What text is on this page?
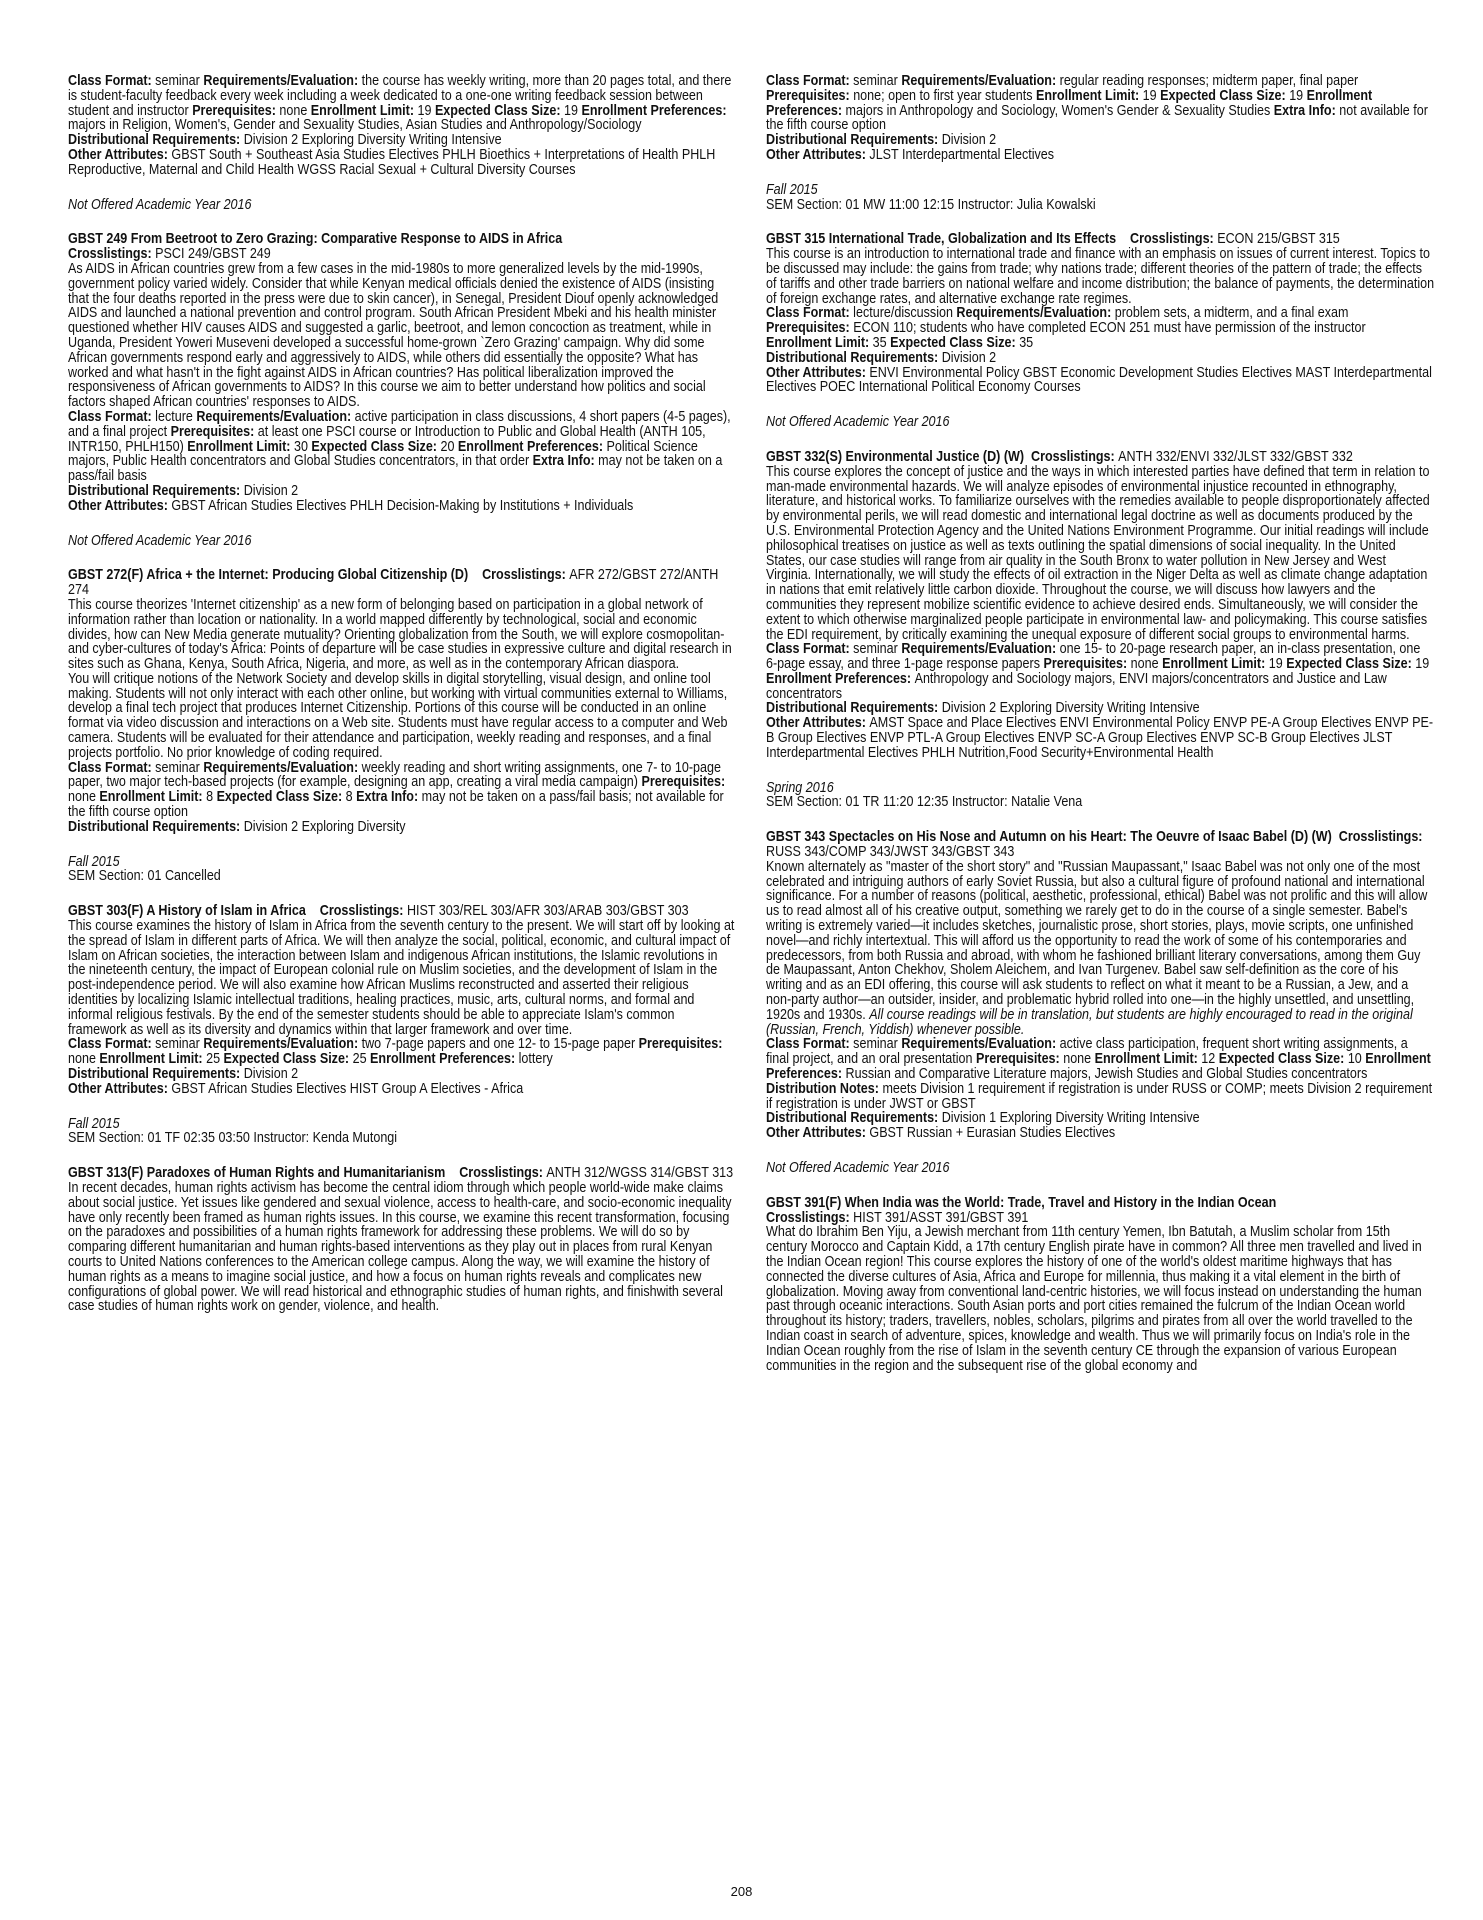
Class Format: seminar Requirements/Evaluation: the course has weekly writing, more than 20 pages total, and there is student-faculty feedback every week including a week dedicated to a one-one writing feedback session between student and instructor Prerequisites: none Enrollment Limit: 19 Expected Class Size: 19 Enrollment Preferences: majors in Religion, Women's, Gender and Sexuality Studies, Asian Studies and Anthropology/Sociology

Distributional Requirements: Division 2 Exploring Diversity Writing Intensive

Other Attributes: GBST South + Southeast Asia Studies Electives PHLH Bioethics + Interpretations of Health PHLH Reproductive, Maternal and Child Health WGSS Racial Sexual + Cultural Diversity Courses

Not Offered Academic Year 2016

GBST 249 From Beetroot to Zero Grazing: Comparative Response to AIDS in Africa

Crosslistings: PSCI 249/GBST 249

As AIDS in African countries grew from a few cases in the mid-1980s to more generalized levels by the mid-1990s, government policy varied widely. Consider that while Kenyan medical officials denied the existence of AIDS (insisting that the four deaths reported in the press were due to skin cancer), in Senegal, President Diouf openly acknowledged AIDS and launched a national prevention and control program. South African President Mbeki and his health minister questioned whether HIV causes AIDS and suggested a garlic, beetroot, and lemon concoction as treatment, while in Uganda, President Yoweri Museveni developed a successful home-grown `Zero Grazing' campaign. Why did some African governments respond early and aggressively to AIDS, while others did essentially the opposite? What has worked and what hasn't in the fight against AIDS in African countries? Has political liberalization improved the responsiveness of African governments to AIDS? In this course we aim to better understand how politics and social factors shaped African countries' responses to AIDS.

Class Format: lecture Requirements/Evaluation: active participation in class discussions, 4 short papers (4-5 pages), and a final project Prerequisites: at least one PSCI course or Introduction to Public and Global Health (ANTH 105, INTR150, PHLH150) Enrollment Limit: 30 Expected Class Size: 20 Enrollment Preferences: Political Science majors, Public Health concentrators and Global Studies concentrators, in that order Extra Info: may not be taken on a pass/fail basis

Distributional Requirements: Division 2

Other Attributes: GBST African Studies Electives PHLH Decision-Making by Institutions + Individuals

Not Offered Academic Year 2016

GBST 272(F) Africa + the Internet: Producing Global Citizenship (D) Crosslistings: AFR 272/GBST 272/ANTH 274

This course theorizes 'Internet citizenship' as a new form of belonging based on participation in a global network of information rather than location or nationality. In a world mapped differently by technological, social and economic divides, how can New Media generate mutuality? Orienting globalization from the South, we will explore cosmopolitan- and cyber-cultures of today's Africa: Points of departure will be case studies in expressive culture and digital research in sites such as Ghana, Kenya, South Africa, Nigeria, and more, as well as in the contemporary African diaspora.

You will critique notions of the Network Society and develop skills in digital storytelling, visual design, and online tool making. Students will not only interact with each other online, but working with virtual communities external to Williams, develop a final tech project that produces Internet Citizenship. Portions of this course will be conducted in an online format via video discussion and interactions on a Web site. Students must have regular access to a computer and Web camera. Students will be evaluated for their attendance and participation, weekly reading and responses, and a final projects portfolio. No prior knowledge of coding required.

Class Format: seminar Requirements/Evaluation: weekly reading and short writing assignments, one 7- to 10-page paper, two major tech-based projects (for example, designing an app, creating a viral media campaign) Prerequisites: none Enrollment Limit: 8 Expected Class Size: 8 Extra Info: may not be taken on a pass/fail basis; not available for the fifth course option

Distributional Requirements: Division 2 Exploring Diversity

Fall 2015

SEM Section: 01 Cancelled

GBST 303(F) A History of Islam in Africa Crosslistings: HIST 303/REL 303/AFR 303/ARAB 303/GBST 303

This course examines the history of Islam in Africa from the seventh century to the present. We will start off by looking at the spread of Islam in different parts of Africa. We will then analyze the social, political, economic, and cultural impact of Islam on African societies, the interaction between Islam and indigenous African institutions, the Islamic revolutions in the nineteenth century, the impact of European colonial rule on Muslim societies, and the development of Islam in the post-independence period. We will also examine how African Muslims reconstructed and asserted their religious identities by localizing Islamic intellectual traditions, healing practices, music, arts, cultural norms, and formal and informal religious festivals. By the end of the semester students should be able to appreciate Islam's common framework as well as its diversity and dynamics within that larger framework and over time.

Class Format: seminar Requirements/Evaluation: two 7-page papers and one 12- to 15-page paper Prerequisites: none Enrollment Limit: 25 Expected Class Size: 25 Enrollment Preferences: lottery

Distributional Requirements: Division 2

Other Attributes: GBST African Studies Electives HIST Group A Electives - Africa

Fall 2015

SEM Section: 01 TF 02:35 03:50 Instructor: Kenda Mutongi

GBST 313(F) Paradoxes of Human Rights and Humanitarianism Crosslistings: ANTH 312/WGSS 314/GBST 313

In recent decades, human rights activism has become the central idiom through which people world-wide make claims about social justice. Yet issues like gendered and sexual violence, access to health-care, and socio-economic inequality have only recently been framed as human rights issues. In this course, we examine this recent transformation, focusing on the paradoxes and possibilities of a human rights framework for addressing these problems. We will do so by comparing different humanitarian and human rights-based interventions as they play out in places from rural Kenyan courts to United Nations conferences to the American college campus. Along the way, we will examine the history of human rights as a means to imagine social justice, and how a focus on human rights reveals and complicates new configurations of global power. We will read historical and ethnographic studies of human rights, and finishwith several case studies of human rights work on gender, violence, and health.

Class Format: seminar Requirements/Evaluation: regular reading responses; midterm paper, final paper Prerequisites: none; open to first year students Enrollment Limit: 19 Expected Class Size: 19 Enrollment Preferences: majors in Anthropology and Sociology, Women's Gender & Sexuality Studies Extra Info: not available for the fifth course option

Distributional Requirements: Division 2

Other Attributes: JLST Interdepartmental Electives

Fall 2015

SEM Section: 01 MW 11:00 12:15 Instructor: Julia Kowalski

GBST 315 International Trade, Globalization and Its Effects Crosslistings: ECON 215/GBST 315

This course is an introduction to international trade and finance with an emphasis on issues of current interest. Topics to be discussed may include: the gains from trade; why nations trade; different theories of the pattern of trade; the effects of tariffs and other trade barriers on national welfare and income distribution; the balance of payments, the determination of foreign exchange rates, and alternative exchange rate regimes.

Class Format: lecture/discussion Requirements/Evaluation: problem sets, a midterm, and a final exam Prerequisites: ECON 110; students who have completed ECON 251 must have permission of the instructor Enrollment Limit: 35 Expected Class Size: 35

Distributional Requirements: Division 2

Other Attributes: ENVI Environmental Policy GBST Economic Development Studies Electives MAST Interdepartmental Electives POEC International Political Economy Courses

Not Offered Academic Year 2016

GBST 332(S) Environmental Justice (D) (W) Crosslistings: ANTH 332/ENVI 332/JLST 332/GBST 332

This course explores the concept of justice and the ways in which interested parties have defined that term in relation to man-made environmental hazards. We will analyze episodes of environmental injustice recounted in ethnography, literature, and historical works. To familiarize ourselves with the remedies available to people disproportionately affected by environmental perils, we will read domestic and international legal doctrine as well as documents produced by the U.S. Environmental Protection Agency and the United Nations Environment Programme. Our initial readings will include philosophical treatises on justice as well as texts outlining the spatial dimensions of social inequality. In the United States, our case studies will range from air quality in the South Bronx to water pollution in New Jersey and West Virginia. Internationally, we will study the effects of oil extraction in the Niger Delta as well as climate change adaptation in nations that emit relatively little carbon dioxide. Throughout the course, we will discuss how lawyers and the communities they represent mobilize scientific evidence to achieve desired ends. Simultaneously, we will consider the extent to which otherwise marginalized people participate in environmental law- and policymaking. This course satisfies the EDI requirement, by critically examining the unequal exposure of different social groups to environmental harms.

Class Format: seminar Requirements/Evaluation: one 15- to 20-page research paper, an in-class presentation, one 6-page essay, and three 1-page response papers Prerequisites: none Enrollment Limit: 19 Expected Class Size: 19 Enrollment Preferences: Anthropology and Sociology majors, ENVI majors/concentrators and Justice and Law concentrators

Distributional Requirements: Division 2 Exploring Diversity Writing Intensive

Other Attributes: AMST Space and Place Electives ENVI Environmental Policy ENVP PE-A Group Electives ENVP PE-B Group Electives ENVP PTL-A Group Electives ENVP SC-A Group Electives ENVP SC-B Group Electives JLST Interdepartmental Electives PHLH Nutrition,Food Security+Environmental Health

Spring 2016

SEM Section: 01 TR 11:20 12:35 Instructor: Natalie Vena

GBST 343 Spectacles on His Nose and Autumn on his Heart: The Oeuvre of Isaac Babel (D) (W) Crosslistings: RUSS 343/COMP 343/JWST 343/GBST 343

Known alternately as "master of the short story" and "Russian Maupassant," Isaac Babel was not only one of the most celebrated and intriguing authors of early Soviet Russia, but also a cultural figure of profound national and international significance. For a number of reasons (political, aesthetic, professional, ethical) Babel was not prolific and this will allow us to read almost all of his creative output, something we rarely get to do in the course of a single semester. Babel's writing is extremely varied—it includes sketches, journalistic prose, short stories, plays, movie scripts, one unfinished novel—and richly intertextual. This will afford us the opportunity to read the work of some of his contemporaries and predecessors, from both Russia and abroad, with whom he fashioned brilliant literary conversations, among them Guy de Maupassant, Anton Chekhov, Sholem Aleichem, and Ivan Turgenev. Babel saw self-definition as the core of his writing and as an EDI offering, this course will ask students to reflect on what it meant to be a Russian, a Jew, and a non-party author—an outsider, insider, and problematic hybrid rolled into one—in the highly unsettled, and unsettling, 1920s and 1930s. All course readings will be in translation, but students are highly encouraged to read in the original (Russian, French, Yiddish) whenever possible.

Class Format: seminar Requirements/Evaluation: active class participation, frequent short writing assignments, a final project, and an oral presentation Prerequisites: none Enrollment Limit: 12 Expected Class Size: 10 Enrollment Preferences: Russian and Comparative Literature majors, Jewish Studies and Global Studies concentrators Distribution Notes: meets Division 1 requirement if registration is under RUSS or COMP; meets Division 2 requirement if registration is under JWST or GBST

Distributional Requirements: Division 1 Exploring Diversity Writing Intensive

Other Attributes: GBST Russian + Eurasian Studies Electives

Not Offered Academic Year 2016

GBST 391(F) When India was the World: Trade, Travel and History in the Indian Ocean

Crosslistings: HIST 391/ASST 391/GBST 391

What do Ibrahim Ben Yiju, a Jewish merchant from 11th century Yemen, Ibn Batutah, a Muslim scholar from 15th century Morocco and Captain Kidd, a 17th century English pirate have in common? All three men travelled and lived in the Indian Ocean region! This course explores the history of one of the world's oldest maritime highways that has connected the diverse cultures of Asia, Africa and Europe for millennia, thus making it a vital element in the birth of globalization. Moving away from conventional land-centric histories, we will focus instead on understanding the human past through oceanic interactions. South Asian ports and port cities remained the fulcrum of the Indian Ocean world throughout its history; traders, travellers, nobles, scholars, pilgrims and pirates from all over the world travelled to the Indian coast in search of adventure, spices, knowledge and wealth. Thus we will primarily focus on India's role in the Indian Ocean roughly from the rise of Islam in the seventh century CE through the expansion of various European communities in the region and the subsequent rise of the global economy and

208
